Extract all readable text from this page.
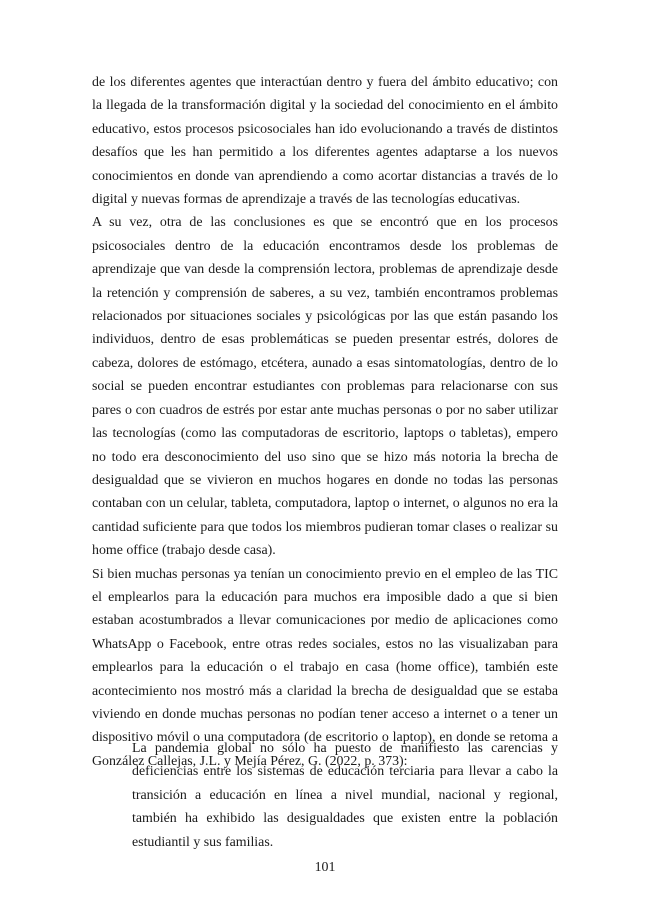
de los diferentes agentes que interactúan dentro y fuera del ámbito educativo; con la llegada de la transformación digital y la sociedad del conocimiento en el ámbito educativo, estos procesos psicosociales han ido evolucionando a través de distintos desafíos que les han permitido a los diferentes agentes adaptarse a los nuevos conocimientos en donde van aprendiendo a como acortar distancias a través de lo digital y nuevas formas de aprendizaje a través de las tecnologías educativas.

A su vez, otra de las conclusiones es que se encontró que en los procesos psicosociales dentro de la educación encontramos desde los problemas de aprendizaje que van desde la comprensión lectora, problemas de aprendizaje desde la retención y comprensión de saberes, a su vez, también encontramos problemas relacionados por situaciones sociales y psicológicas por las que están pasando los individuos, dentro de esas problemáticas se pueden presentar estrés, dolores de cabeza, dolores de estómago, etcétera, aunado a esas sintomatologías, dentro de lo social se pueden encontrar estudiantes con problemas para relacionarse con sus pares o con cuadros de estrés por estar ante muchas personas o por no saber utilizar las tecnologías (como las computadoras de escritorio, laptops o tabletas), empero no todo era desconocimiento del uso sino que se hizo más notoria la brecha de desigualdad que se vivieron en muchos hogares en donde no todas las personas contaban con un celular, tableta, computadora, laptop o internet, o algunos no era la cantidad suficiente para que todos los miembros pudieran tomar clases o realizar su home office (trabajo desde casa).

Si bien muchas personas ya tenían un conocimiento previo en el empleo de las TIC el emplearlos para la educación para muchos era imposible dado a que si bien estaban acostumbrados a llevar comunicaciones por medio de aplicaciones como WhatsApp o Facebook, entre otras redes sociales, estos no las visualizaban para emplearlos para la educación o el trabajo en casa (home office), también este acontecimiento nos mostró más a claridad la brecha de desigualdad que se estaba viviendo en donde muchas personas no podían tener acceso a internet o a tener un dispositivo móvil o una computadora (de escritorio o laptop), en donde se retoma a González Callejas, J.L. y Mejía Pérez, G. (2022, p. 373):

La pandemia global no sólo ha puesto de manifiesto las carencias y deficiencias entre los sistemas de educación terciaria para llevar a cabo la transición a educación en línea a nivel mundial, nacional y regional, también ha exhibido las desigualdades que existen entre la población estudiantil y sus familias.

101
